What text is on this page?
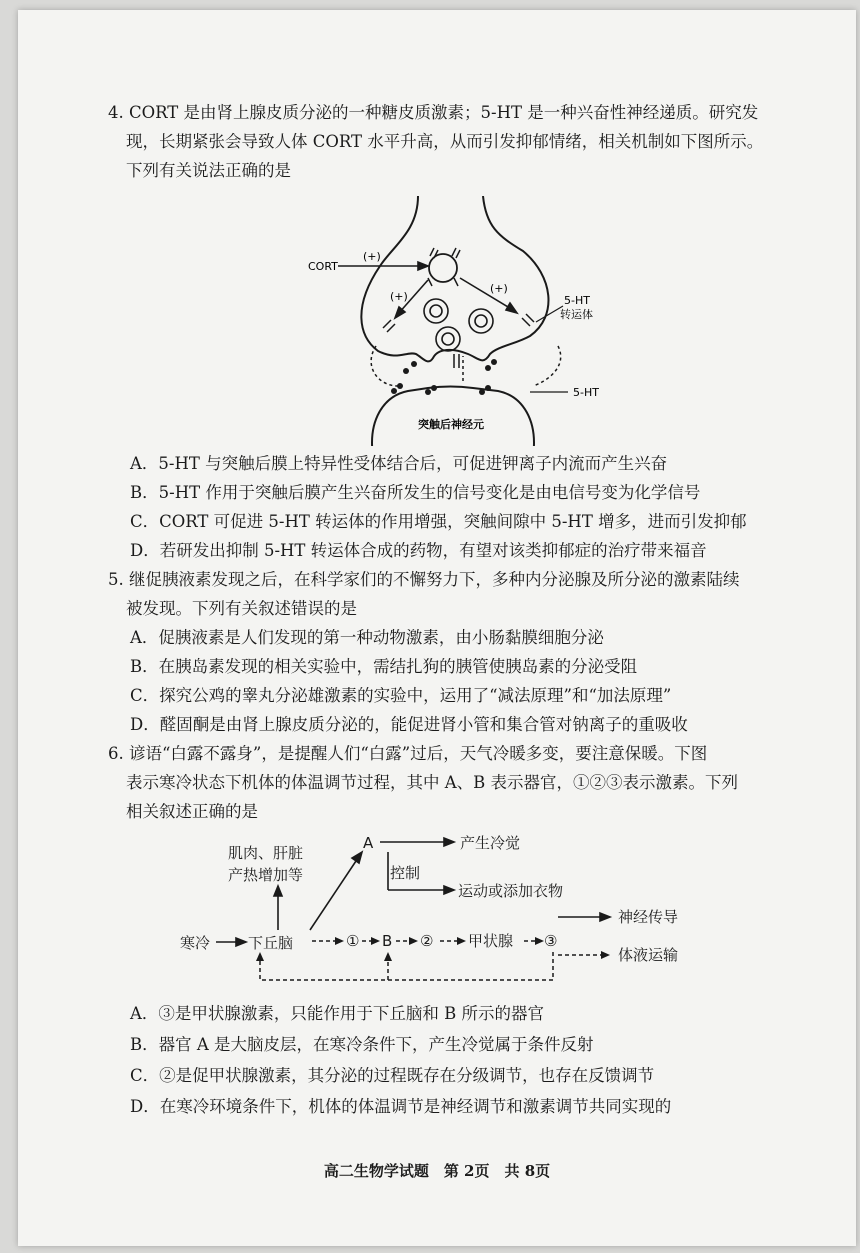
4. CORT 是由肾上腺皮质分泌的一种糖皮质激素；5-HT 是一种兴奋性神经递质。研究发
现，长期紧张会导致人体 CORT 水平升高，从而引发抑郁情绪，相关机制如下图所示。
下列有关说法正确的是
CORT
(+)
(+)
(+)
5-HT
转运体
5-HT
突触后神经元
A．5-HT 与突触后膜上特异性受体结合后，可促进钾离子内流而产生兴奋
B．5-HT 作用于突触后膜产生兴奋所发生的信号变化是由电信号变为化学信号
C．CORT 可促进 5-HT 转运体的作用增强，突触间隙中 5-HT 增多，进而引发抑郁
D．若研发出抑制 5-HT 转运体合成的药物，有望对该类抑郁症的治疗带来福音
5. 继促胰液素发现之后，在科学家们的不懈努力下，多种内分泌腺及所分泌的激素陆续
被发现。下列有关叙述错误的是
A．促胰液素是人们发现的第一种动物激素，由小肠黏膜细胞分泌
B．在胰岛素发现的相关实验中，需结扎狗的胰管使胰岛素的分泌受阻
C．探究公鸡的睾丸分泌雄激素的实验中，运用了“减法原理”和“加法原理”
D．醛固酮是由肾上腺皮质分泌的，能促进肾小管和集合管对钠离子的重吸收
6. 谚语“白露不露身”，是提醒人们“白露”过后，天气冷暖多变，要注意保暖。下图
表示寒冷状态下机体的体温调节过程，其中 A、B 表示器官，①②③表示激素。下列
相关叙述正确的是
肌肉、肝脏
产热增加等
A	产生冷觉
控制
运动或添加衣物
寒冷	下丘脑	① B ② 甲状腺 ③
神经传导
体液运输
A．③是甲状腺激素，只能作用于下丘脑和 B 所示的器官
B．器官 A 是大脑皮层，在寒冷条件下，产生冷觉属于条件反射
C．②是促甲状腺激素，其分泌的过程既存在分级调节，也存在反馈调节
D．在寒冷环境条件下，机体的体温调节是神经调节和激素调节共同实现的
高二生物学试题　第 2页　共 8页
